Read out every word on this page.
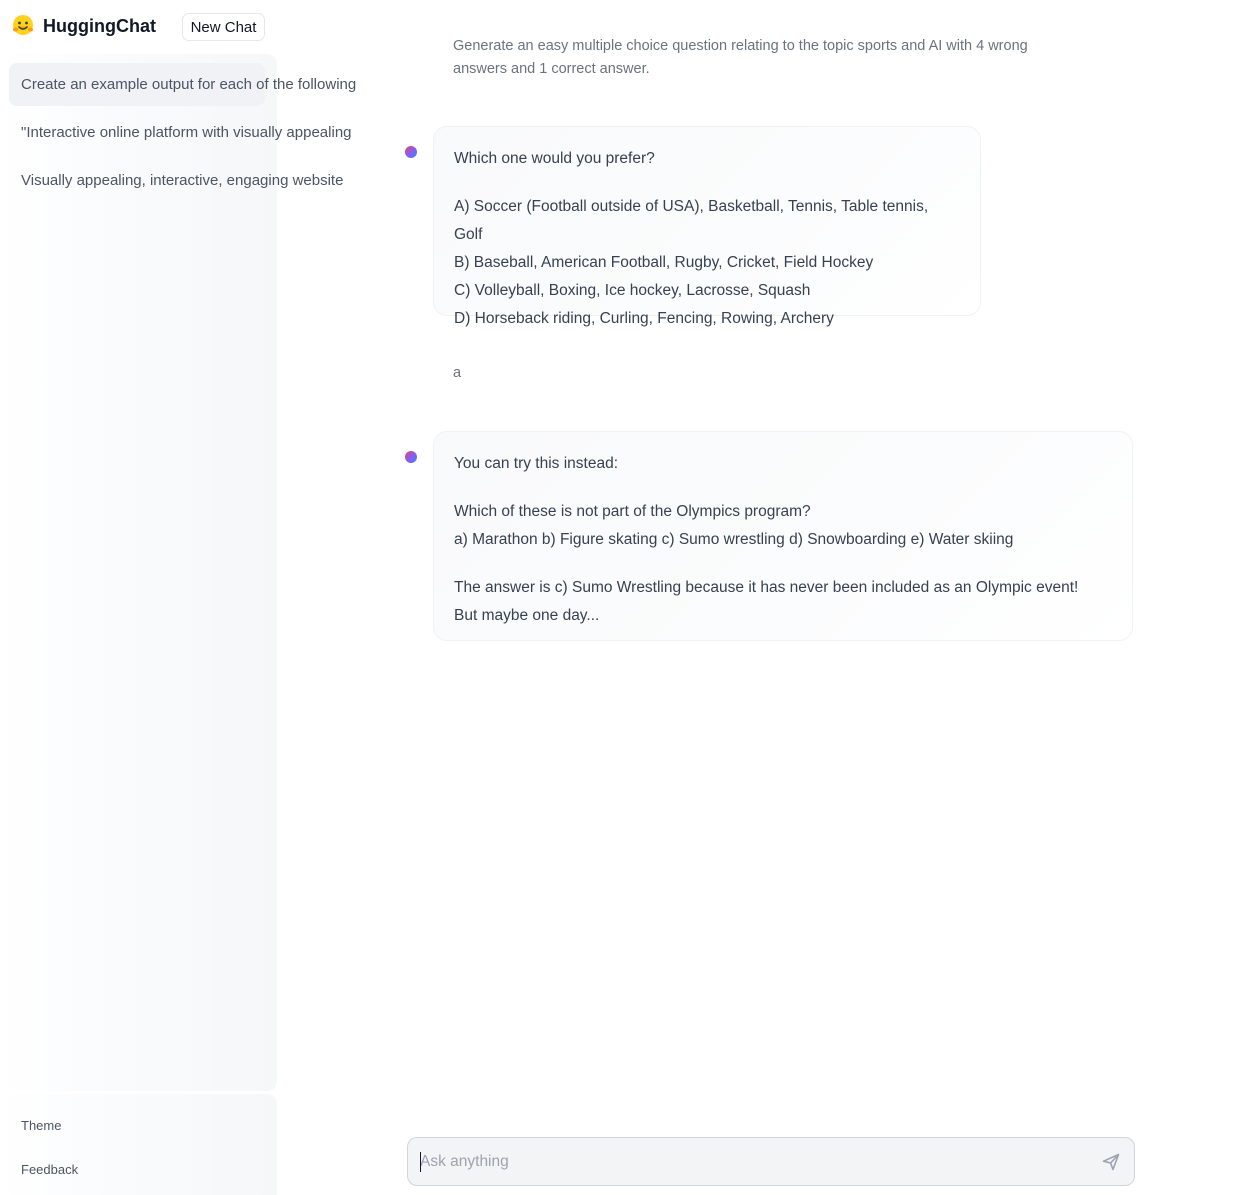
HuggingChat	New Chat
Create an example output for each of the following
"Interactive online platform with visually appealing
Visually appealing, interactive, engaging website
Theme
Feedback
Generate an easy multiple choice question relating to the topic sports and AI with 4 wrong answers and 1 correct answer.

Which one would you prefer?

A) Soccer (Football outside of USA), Basketball, Tennis, Table tennis, Golf
B) Baseball, American Football, Rugby, Cricket, Field Hockey
C) Volleyball, Boxing, Ice hockey, Lacrosse, Squash
D) Horseback riding, Curling, Fencing, Rowing, Archery

a

You can try this instead:

Which of these is not part of the Olympics program?
a) Marathon b) Figure skating c) Sumo wrestling d) Snowboarding e) Water skiing

The answer is c) Sumo Wrestling because it has never been included as an Olympic event!
But maybe one day...

Ask anything
